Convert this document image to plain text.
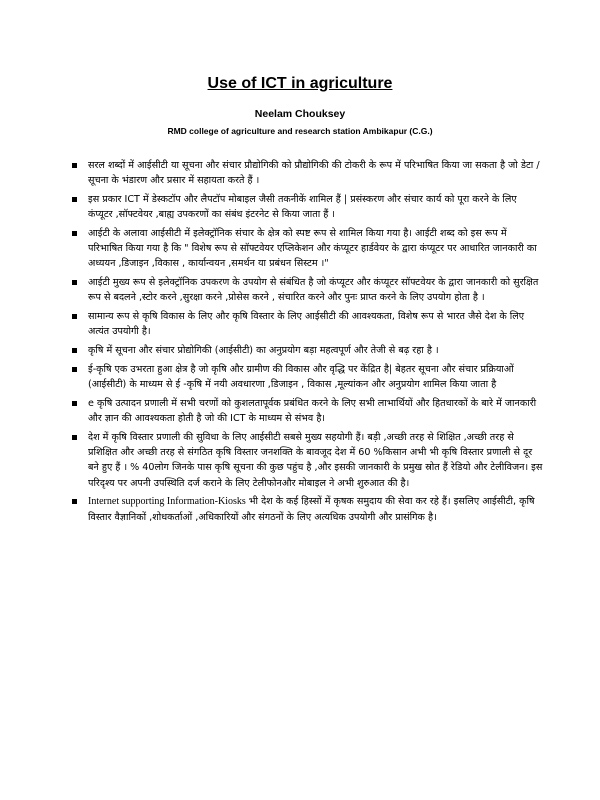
Use of ICT in agriculture
Neelam Chouksey
RMD college of agriculture and research station Ambikapur (C.G.)
सरल शब्दों में आईसीटी या सूचना और संचार प्रौद्योगिकी को प्रौद्योगिकी की टोकरी के रूप में परिभाषित किया जा सकता है जो डेटा / सूचना के भंडारण और प्रसार में सहायता करते हैं ।
इस प्रकार ICT में डेस्कटॉप और लैपटॉप मोबाइल जैसी तकनीकें शामिल हैं | प्रसंस्करण और संचार कार्य को पूरा करने के लिए कंप्यूटर ,सॉफ्टवेयर ,बाह्य उपकरणों का संबंध इंटरनेट से किया जाता हैं ।
आईटी के अलावा आईसीटी में इलेक्ट्रॉनिक संचार के क्षेत्र को स्पष्ट रूप से शामिल किया गया है। आईटी शब्द को इस रूप में परिभाषित किया गया है कि " विशेष रूप से सॉफ्टवेयर एप्लिकेशन और कंप्यूटर हार्डवेयर के द्वारा कंप्यूटर पर आधारित जानकारी का अध्ययन ,डिजाइन ,विकास , कार्यान्वयन ,समर्थन या प्रबंधन सिस्टम ।"
आईटी मुख्य रूप से इलेक्ट्रॉनिक उपकरण के उपयोग से संबंधित है जो कंप्यूटर और कंप्यूटर सॉफ्टवेयर के द्वारा जानकारी को सुरक्षित रूप से बदलने ,स्टोर करने ,सुरक्षा करने ,प्रोसेस करने , संचारित करने और पुनः प्राप्त करने के लिए उपयोग होता है ।
सामान्य रूप से कृषि विकास के लिए और कृषि विस्तार के लिए आईसीटी की आवश्यकता, विशेष रूप से भारत जैसे देश के लिए अत्यंत उपयोगी है।
कृषि में सूचना और संचार प्रोद्योगिकी (आईसीटी) का अनुप्रयोग बड़ा महत्वपूर्ण और तेजी से बढ़ रहा है ।
ई-कृषि एक उभरता हुआ क्षेत्र है जो कृषि और ग्रामीण की विकास और वृद्धि पर केंद्रित है| बेहतर सूचना और संचार प्रक्रियाओं (आईसीटी) के माध्यम से ई -कृषि में नयी अवधारणा ,डिजाइन , विकास ,मूल्यांकन और अनुप्रयोग शामिल किया जाता है
e कृषि उत्पादन प्रणाली में सभी चरणों को कुशलतापूर्वक प्रबंधित करने के लिए सभी लाभार्थियों और हितधारकों के बारे में जानकारी और ज्ञान की आवश्यकता होती है जो की ICT के माध्यम से संभव है।
देश में कृषि विस्तार प्रणाली की सुविधा के लिए आईसीटी सबसे मुख्य सहयोगी हैं। बड़ी ,अच्छी तरह से शिक्षित ,अच्छी तरह से प्रशिक्षित और अच्छी तरह से संगठित कृषि विस्तार जनशक्ति के बावजूद देश में 60 %किसान अभी भी कृषि विस्तार प्रणाली से दूर बने हुए हैं । % 40लोग जिनके पास कृषि सूचना की कुछ पहुंच है ,और इसकी जानकारी के प्रमुख स्रोत हैं रेडियो और टेलीविजन। इस परिदृश्य पर अपनी उपस्थिति दर्ज कराने के लिए टेलीफोनऔर मोबाइल ने अभी शुरुआत की है।
Internet supporting Information-Kiosks भी देश के कई हिस्सों में कृषक समुदाय की सेवा कर रहे हैं। इसलिए आईसीटी, कृषि विस्तार वैज्ञानिकों ,शोधकर्ताओं ,अधिकारियों और संगठनों के लिए अत्यधिक उपयोगी और प्रासंगिक है।
